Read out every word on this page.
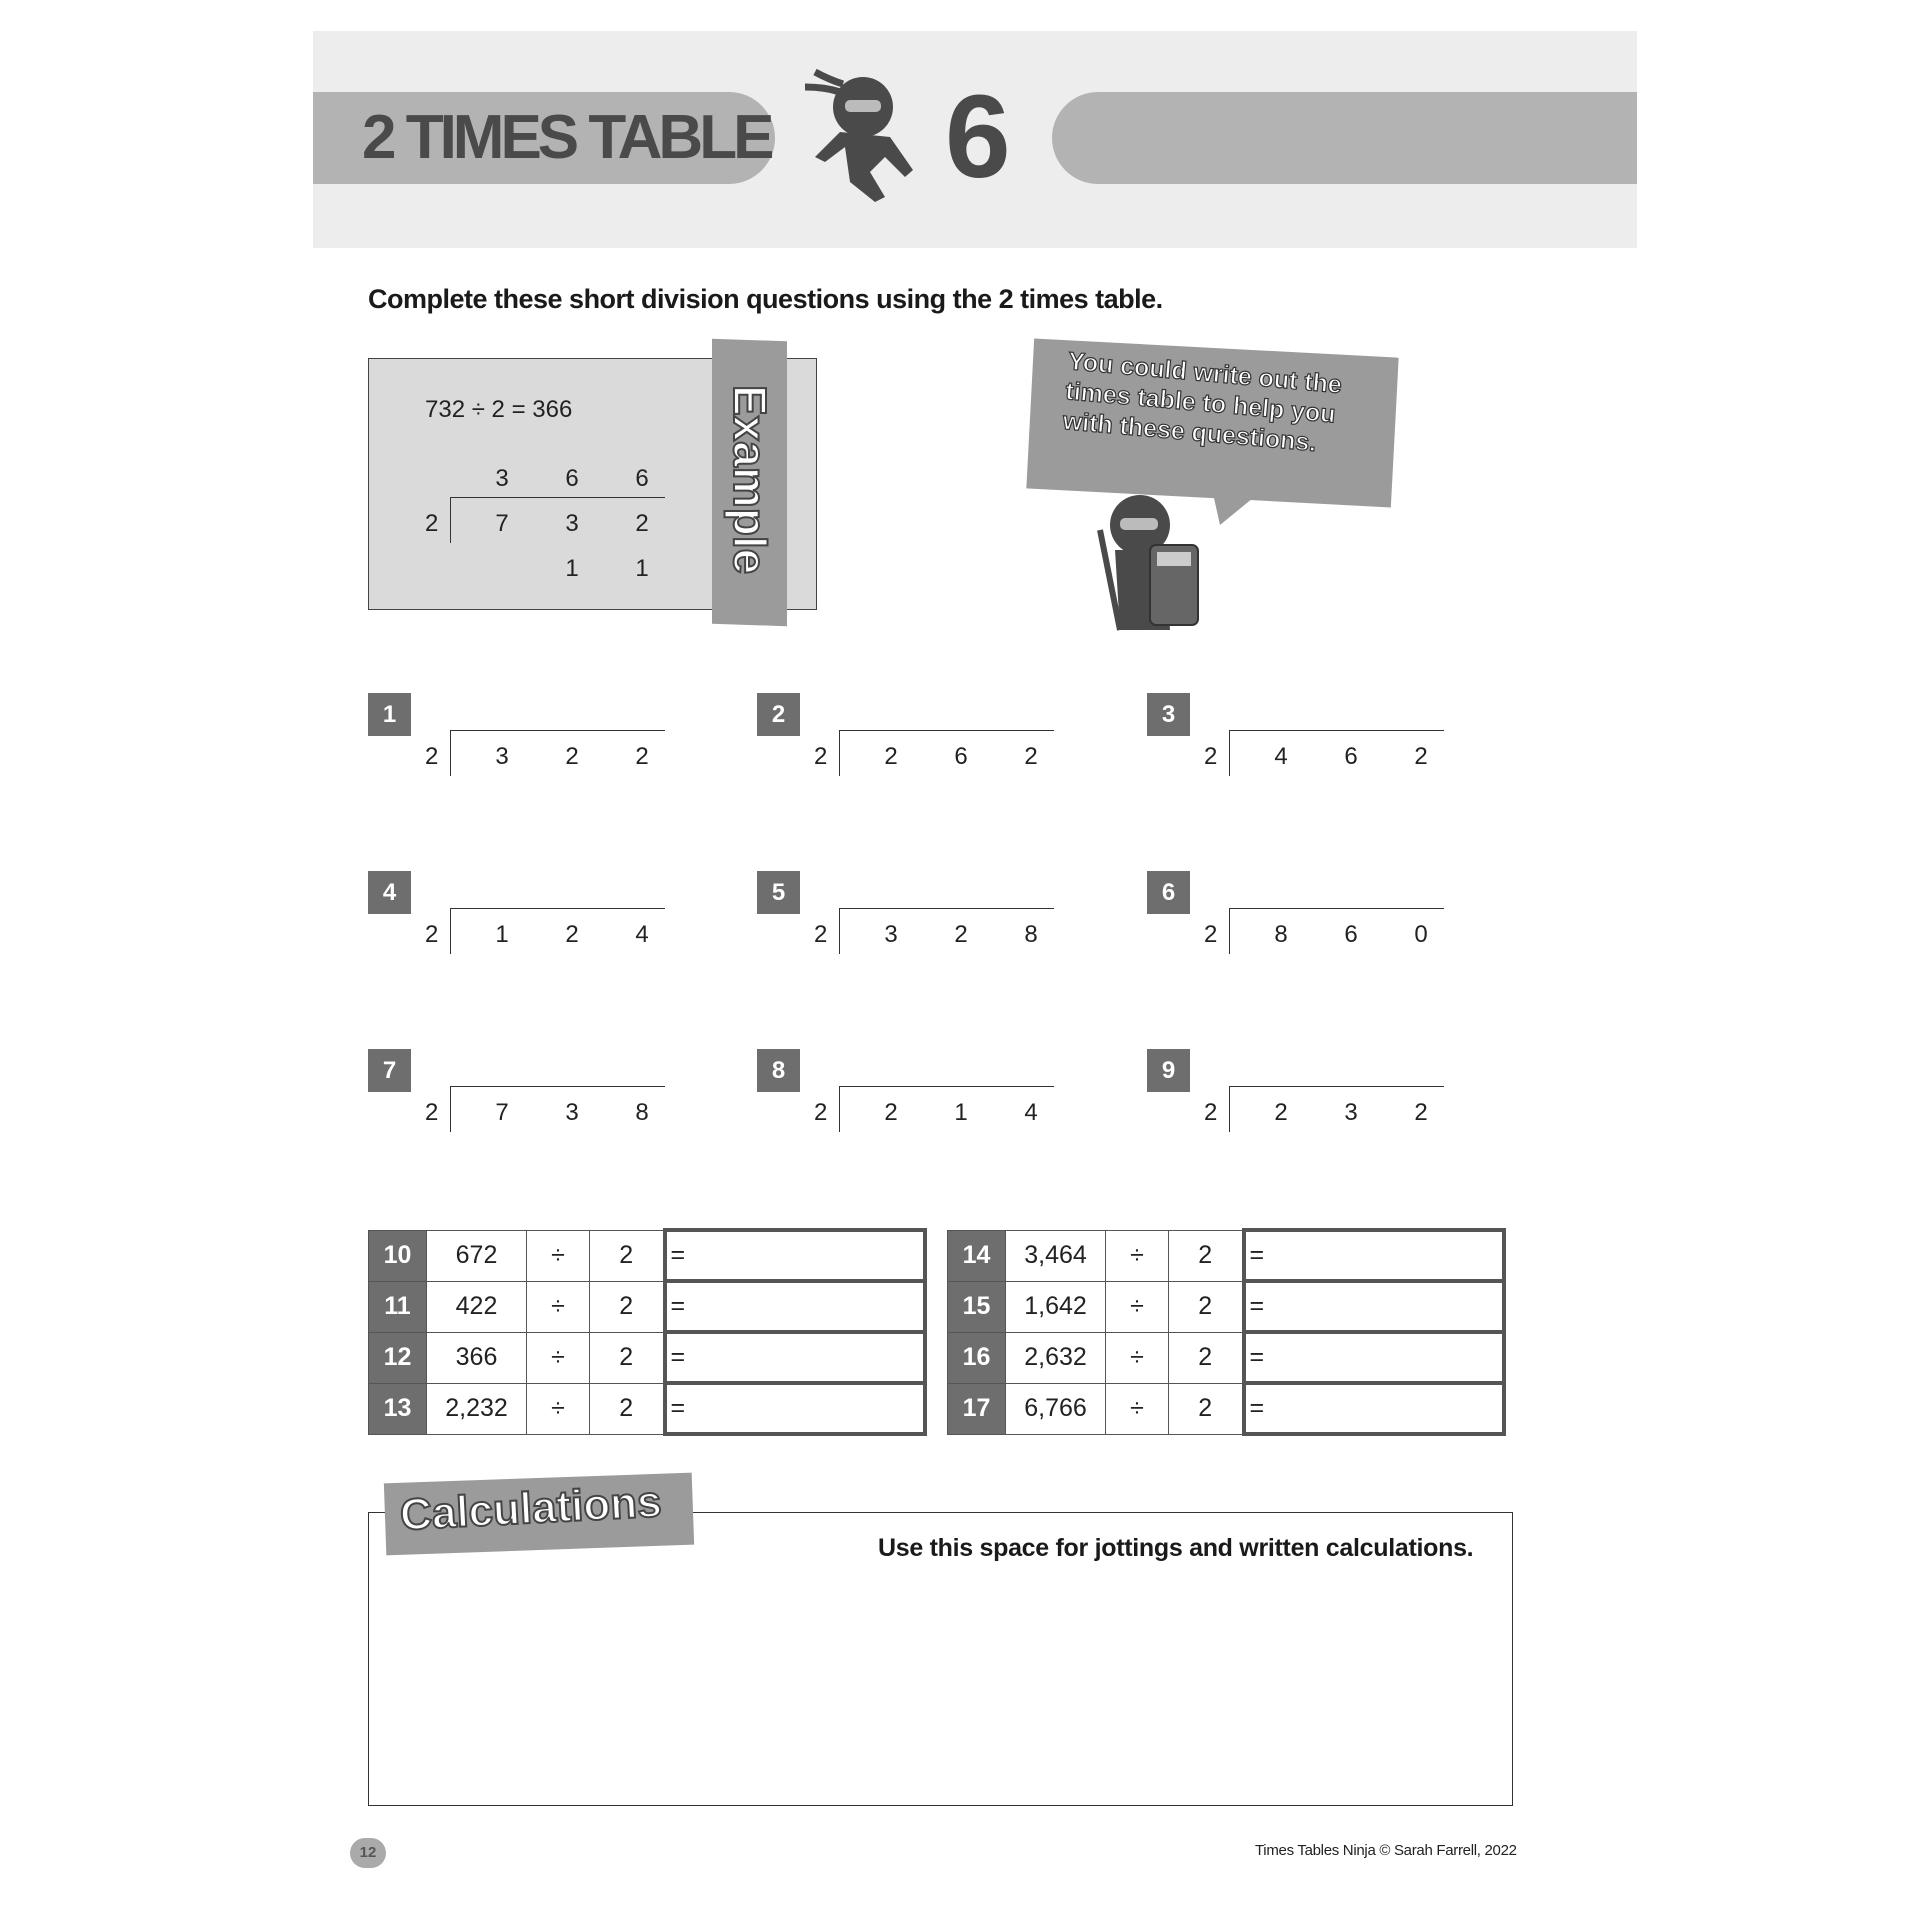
2 TIMES TABLE 6
Complete these short division questions using the 2 times table.
732 ÷ 2 = 366
3 6 6
2 7 3 2
1 1	Example
You could write out the times table to help you with these questions.
1
2 3 2 2
2
2 2 6 2
3
2 4 6 2
4
2 1 2 4
5
2 3 2 8
6
2 8 6 0
7
2 7 3 8
8
2 2 1 4
9
2 2 3 2
10	672	÷	2	=
11	422	÷	2	=
12	366	÷	2	=
13	2,232	÷	2	=
14	3,464	÷	2	=
15	1,642	÷	2	=
16	2,632	÷	2	=
17	6,766	÷	2	=
Calculations
Use this space for jottings and written calculations.
12	Times Tables Ninja © Sarah Farrell, 2022
